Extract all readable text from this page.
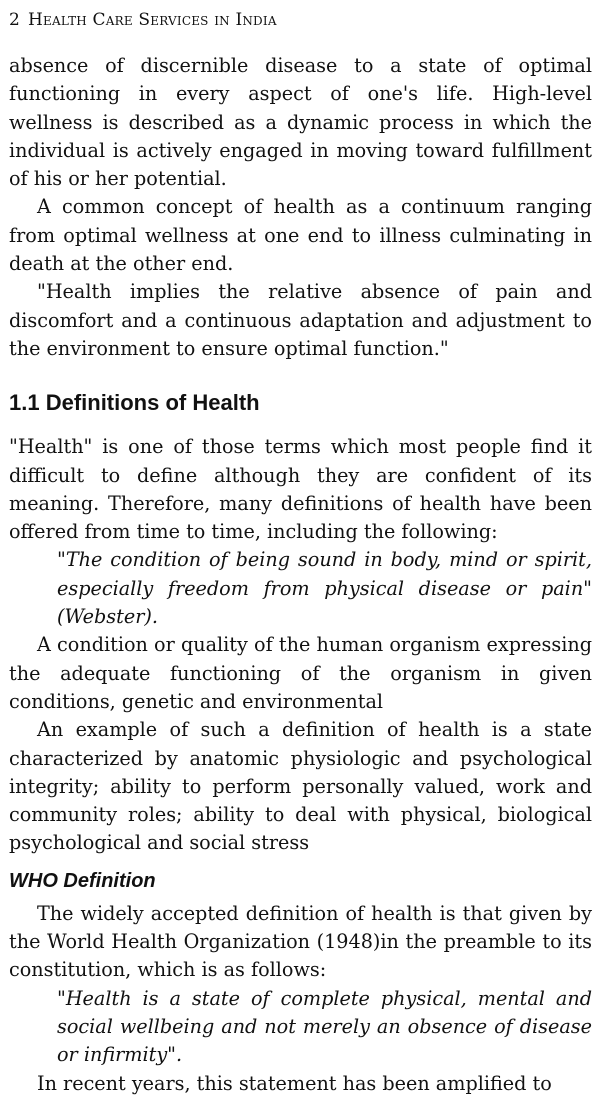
2 Health Care Services in India

absence of discernible disease to a state of optimal functioning in every aspect of one's life. High-level wellness is described as a dynamic process in which the individual is actively engaged in moving toward fulfillment of his or her potential.

A common concept of health as a continuum ranging from optimal wellness at one end to illness culminating in death at the other end.

"Health implies the relative absence of pain and discomfort and a continuous adaptation and adjustment to the environment to ensure optimal function."

1.1 Definitions of Health

"Health" is one of those terms which most people find it difficult to define although they are confident of its meaning. Therefore, many definitions of health have been offered from time to time, including the following:

"The condition of being sound in body, mind or spirit, especially freedom from physical disease or pain" (Webster).

A condition or quality of the human organism expressing the adequate functioning of the organism in given conditions, genetic and environmental

An example of such a definition of health is a state characterized by anatomic physiologic and psychological integrity; ability to perform personally valued, work and community roles; ability to deal with physical, biological psychological and social stress

WHO Definition

The widely accepted definition of health is that given by the World Health Organization (1948)in the preamble to its constitution, which is as follows:

"Health is a state of complete physical, mental and social wellbeing and not merely an obsence of disease or infirmity".

In recent years, this statement has been amplified to
